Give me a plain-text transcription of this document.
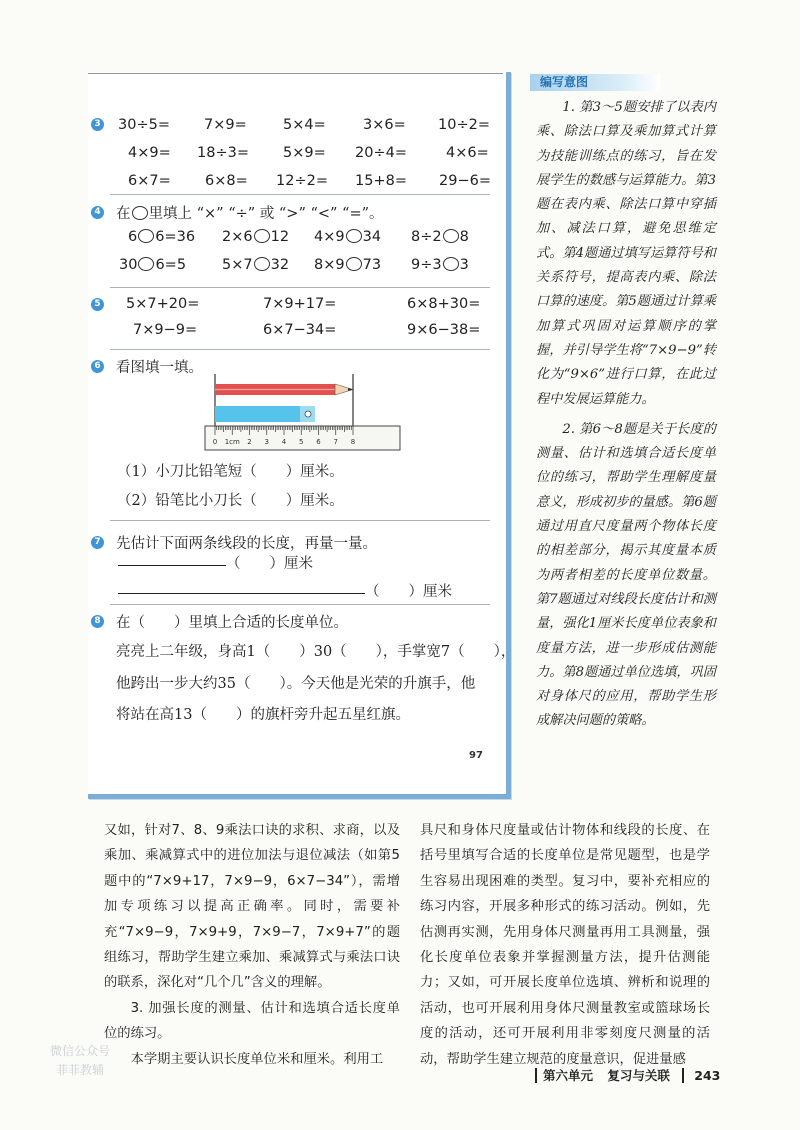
3 30÷5= 7×9=	5×4=	3×6= 10÷2=
4×9= 18÷3= 5×9= 20÷4=	4×6=
6×7= 6×8= 12÷2= 15+8= 29−6=
4 在 里填上 “×” “÷” 或 “>” “<” “=”。
6 6=36 2×6 12 4×9 34 8÷2 8
30 6=5 5×7 32 8×9 73 9÷3 3
5 5×7+20=	7×9+17=	6×8+30=
7×9−9=	6×7−34=	9×6−38=
6 看图填一填。
0 1cm 2 3 4 5 6 7 8
（1）小刀比铅笔短（　　）厘米。
（2）铅笔比小刀长（　　）厘米。
7 先估计下面两条线段的长度，再量一量。
（　　）厘米
（　　）厘米
8 在（　　）里填上合适的长度单位。
亮亮上二年级，身高1（　　）30（　　），手掌宽7（　　），
他跨出一步大约35（　　）。今天他是光荣的升旗手，他
将站在高13（　　）的旗杆旁升起五星红旗。
97
编写意图

1. 第3～5题安排了以表内乘、除法口算及乘加算式计算为技能训练点的练习，旨在发展学生的数感与运算能力。第3题在表内乘、除法口算中穿插加、减法口算，避免思维定式。第4题通过填写运算符号和关系符号，提高表内乘、除法口算的速度。第5题通过计算乘加算式巩固对运算顺序的掌握，并引导学生将“7×9−9”转化为“9×6”进行口算，在此过程中发展运算能力。

2. 第6～8题是关于长度的测量、估计和选填合适长度单位的练习，帮助学生理解度量意义，形成初步的量感。第6题通过用直尺度量两个物体长度的相差部分，揭示其度量本质为两者相差的长度单位数量。第7题通过对线段长度估计和测量，强化1厘米长度单位表象和度量方法，进一步形成估测能力。第8题通过单位选填，巩固对身体尺的应用，帮助学生形成解决问题的策略。

又如，针对7、8、9乘法口诀的求积、求商，以及乘加、乘减算式中的进位加法与退位减法（如第5题中的“7×9+17，7×9−9，6×7−34”），需增加专项练习以提高正确率。同时，需要补充“7×9−9，7×9+9，7×9−7，7×9+7”的题组练习，帮助学生建立乘加、乘减算式与乘法口诀的联系，深化对“几个几”含义的理解。

3. 加强长度的测量、估计和选填合适长度单位的练习。

本学期主要认识长度单位米和厘米。利用工

具尺和身体尺度量或估计物体和线段的长度、在括号里填写合适的长度单位是常见题型，也是学生容易出现困难的类型。复习中，要补充相应的练习内容，开展多种形式的练习活动。例如，先估测再实测，先用身体尺测量再用工具测量，强化长度单位表象并掌握测量方法，提升估测能力；又如，可开展长度单位选填、辨析和说理的活动，也可开展利用身体尺测量教室或篮球场长度的活动，还可开展利用非零刻度尺测量的活动，帮助学生建立规范的度量意识，促进量感

第六单元 复习与关联 243
微信公众号
菲菲教辅
